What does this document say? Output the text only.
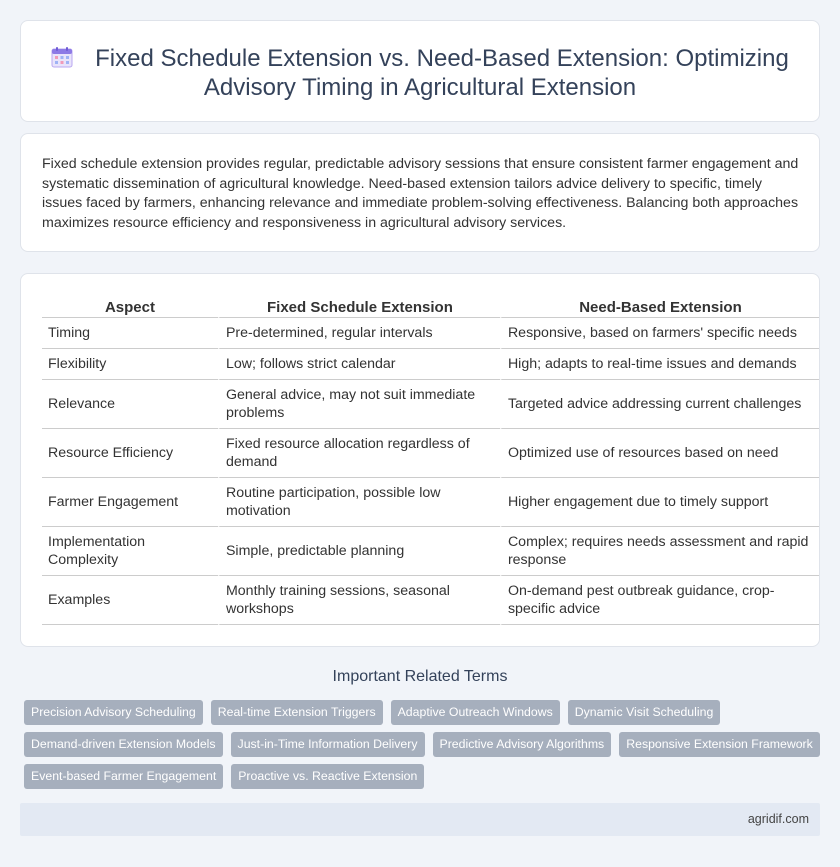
Fixed Schedule Extension vs. Need-Based Extension: Optimizing
Advisory Timing in Agricultural Extension

Fixed schedule extension provides regular, predictable advisory sessions that ensure consistent farmer engagement and systematic dissemination of agricultural knowledge. Need-based extension tailors advice delivery to specific, timely issues faced by farmers, enhancing relevance and immediate problem-solving effectiveness. Balancing both approaches maximizes resource efficiency and responsiveness in agricultural advisory services.

Aspect	Fixed Schedule Extension	Need-Based Extension
Timing	Pre-determined, regular intervals	Responsive, based on farmers' specific needs
Flexibility	Low; follows strict calendar	High; adapts to real-time issues and demands
Relevance	General advice, may not suit immediate problems	Targeted advice addressing current challenges
Resource Efficiency	Fixed resource allocation regardless of demand	Optimized use of resources based on need
Farmer Engagement	Routine participation, possible low motivation	Higher engagement due to timely support
Implementation Complexity	Simple, predictable planning	Complex; requires needs assessment and rapid response
Examples	Monthly training sessions, seasonal workshops	On-demand pest outbreak guidance, crop-specific advice
Important Related Terms
Precision Advisory Scheduling	Real-time Extension Triggers	Adaptive Outreach Windows	Dynamic Visit Scheduling
Demand-driven Extension Models	Just-in-Time Information Delivery	Predictive Advisory Algorithms	Responsive Extension Framework
Event-based Farmer Engagement	Proactive vs. Reactive Extension
agridif.com
